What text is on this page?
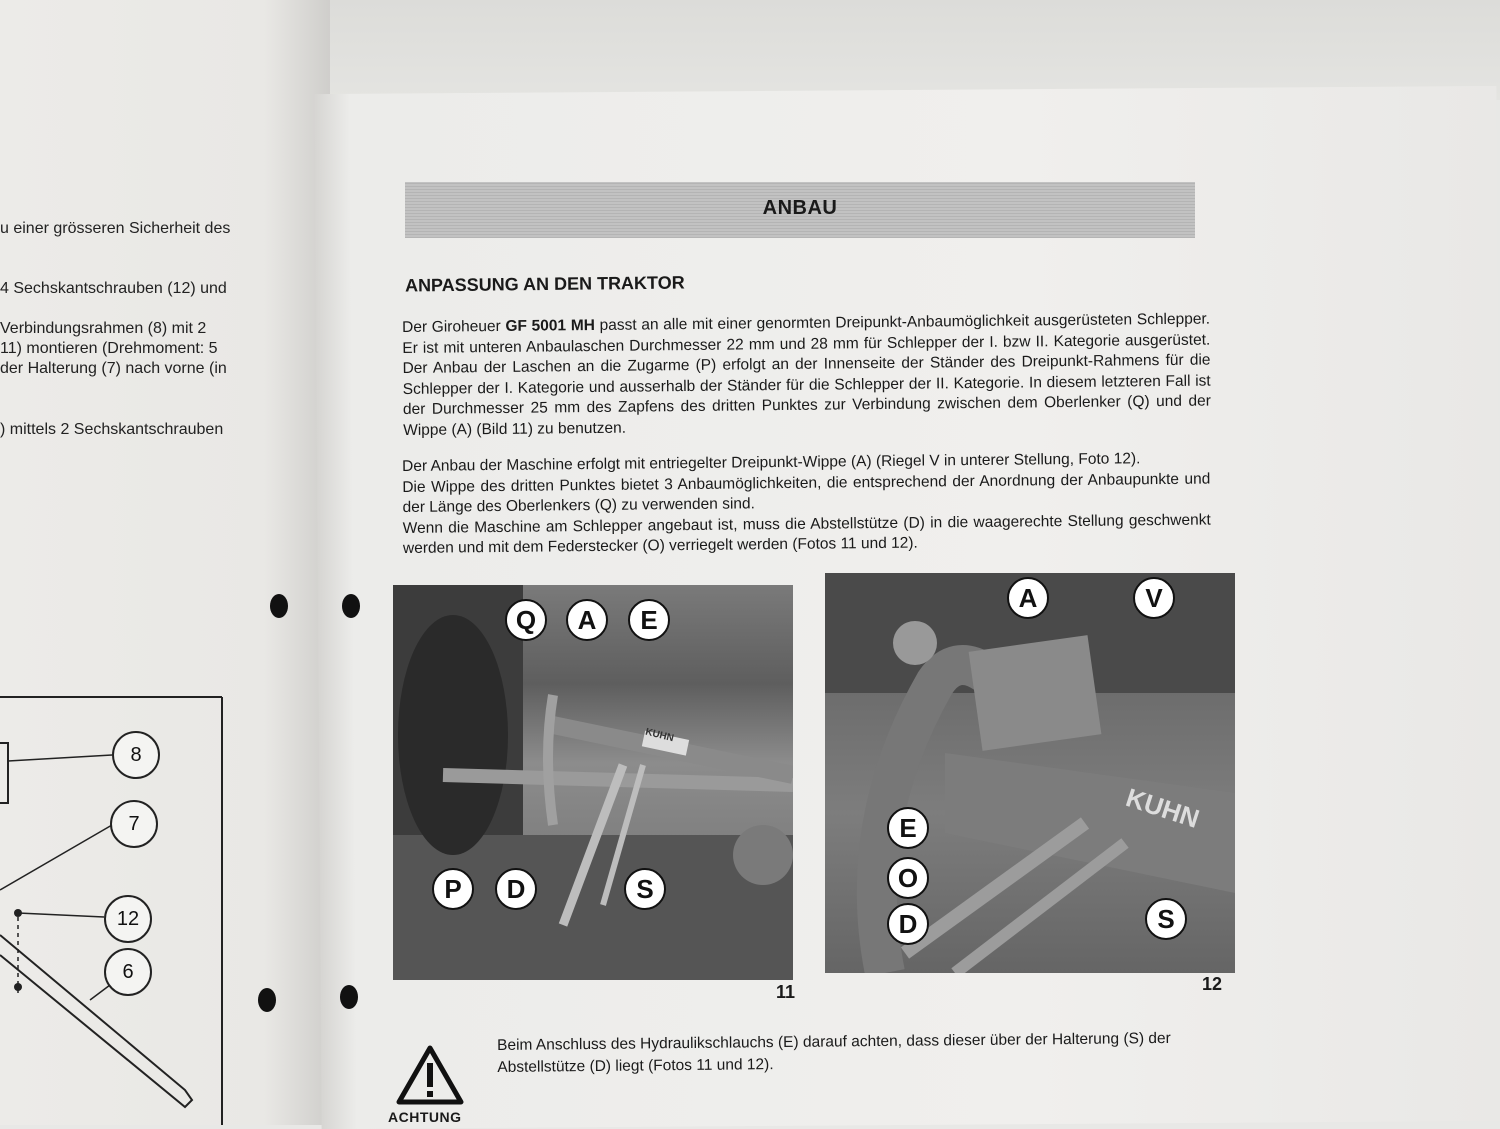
u einer grösseren Sicherheit des
4 Sechskantschrauben (12) und
Verbindungsrahmen (8) mit 2
11) montieren (Drehmoment: 5
der Halterung (7) nach vorne (in
) mittels 2 Sechskantschrauben
8
7
12
6
ANBAU
ANPASSUNG AN DEN TRAKTOR

Der Giroheuer GF 5001 MH passt an alle mit einer genormten Dreipunkt-Anbaumöglichkeit ausgerüsteten Schlepper. Er ist mit unteren Anbaulaschen Durchmesser 22 mm und 28 mm für Schlepper der I. bzw II. Kategorie ausgerüstet. Der Anbau der Laschen an die Zugarme (P) erfolgt an der Innenseite der Ständer des Dreipunkt-Rahmens für die Schlepper der I. Kategorie und ausserhalb der Ständer für die Schlepper der II. Kategorie. In diesem letzteren Fall ist der Durchmesser 25 mm des Zapfens des dritten Punktes zur Verbindung zwischen dem Oberlenker (Q) und der Wippe (A) (Bild 11) zu benutzen.

Der Anbau der Maschine erfolgt mit entriegelter Dreipunkt-Wippe (A) (Riegel V in unterer Stellung, Foto 12).

Die Wippe des dritten Punktes bietet 3 Anbaumöglichkeiten, die entsprechend der Anordnung der Anbaupunkte und der Länge des Oberlenkers (Q) zu verwenden sind.

Wenn die Maschine am Schlepper angebaut ist, muss die Abstellstütze (D) in die waagerechte Stellung geschwenkt werden und mit dem Federstecker (O) verriegelt werden (Fotos 11 und 12).

KUHN
Q	A	E
P	D	S
11
KUHN
A	V
E
O
D	S
12
ACHTUNG
Beim Anschluss des Hydraulikschlauchs (E) darauf achten, dass dieser über der Halterung (S) der Abstellstütze (D) liegt (Fotos 11 und 12).
